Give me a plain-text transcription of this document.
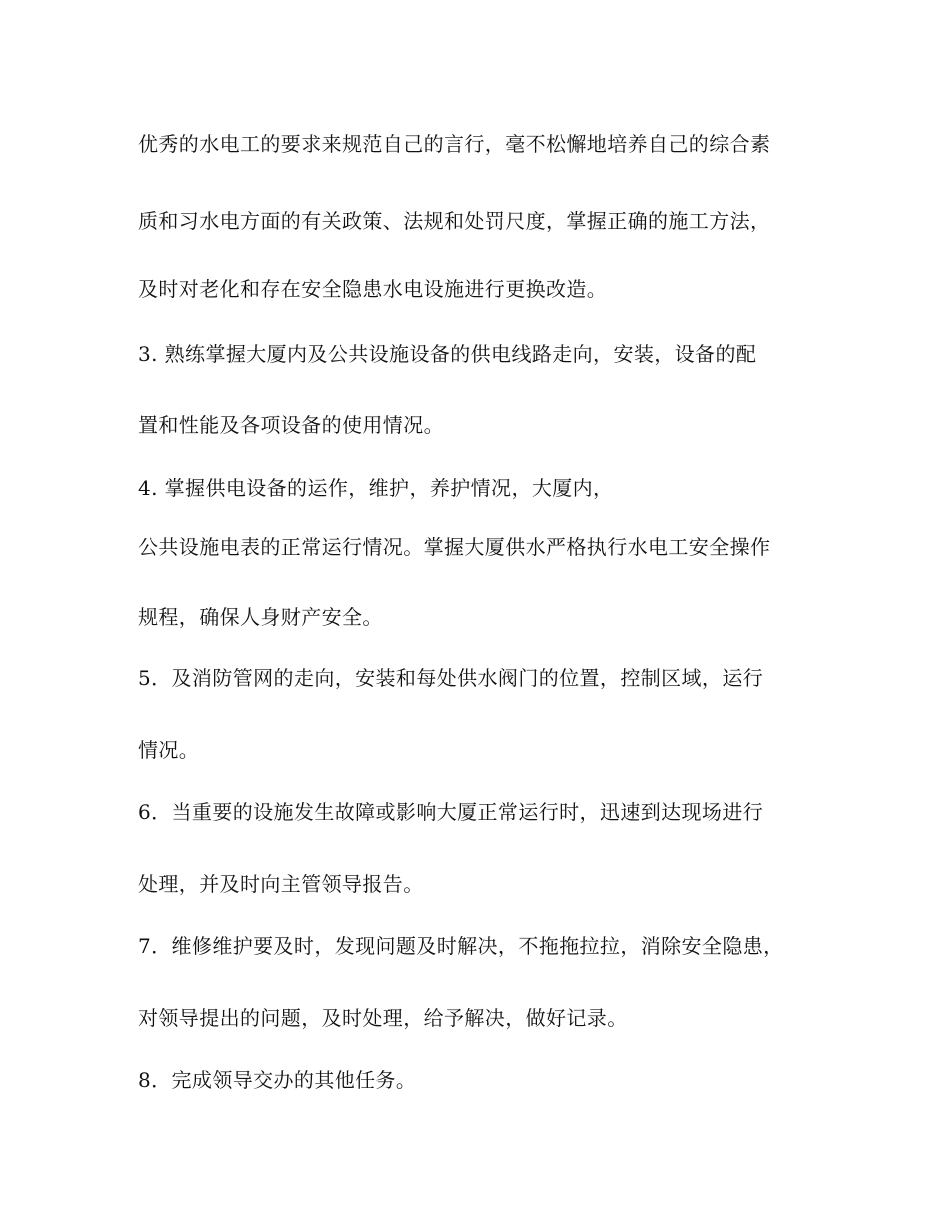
优秀的水电工的要求来规范自己的言行，毫不松懈地培养自己的综合素

质和习水电方面的有关政策、法规和处罚尺度，掌握正确的施工方法，

及时对老化和存在安全隐患水电设施进行更换改造。

3. 熟练掌握大厦内及公共设施设备的供电线路走向，安装，设备的配

置和性能及各项设备的使用情况。

4. 掌握供电设备的运作，维护，养护情况，大厦内，

公共设施电表的正常运行情况。掌握大厦供水严格执行水电工安全操作

规程，确保人身财产安全。

5．及消防管网的走向，安装和每处供水阀门的位置，控制区域，运行

情况。

6．当重要的设施发生故障或影响大厦正常运行时，迅速到达现场进行

处理，并及时向主管领导报告。

7．维修维护要及时，发现问题及时解决，不拖拖拉拉，消除安全隐患，

对领导提出的问题，及时处理，给予解决，做好记录。

8．完成领导交办的其他任务。
